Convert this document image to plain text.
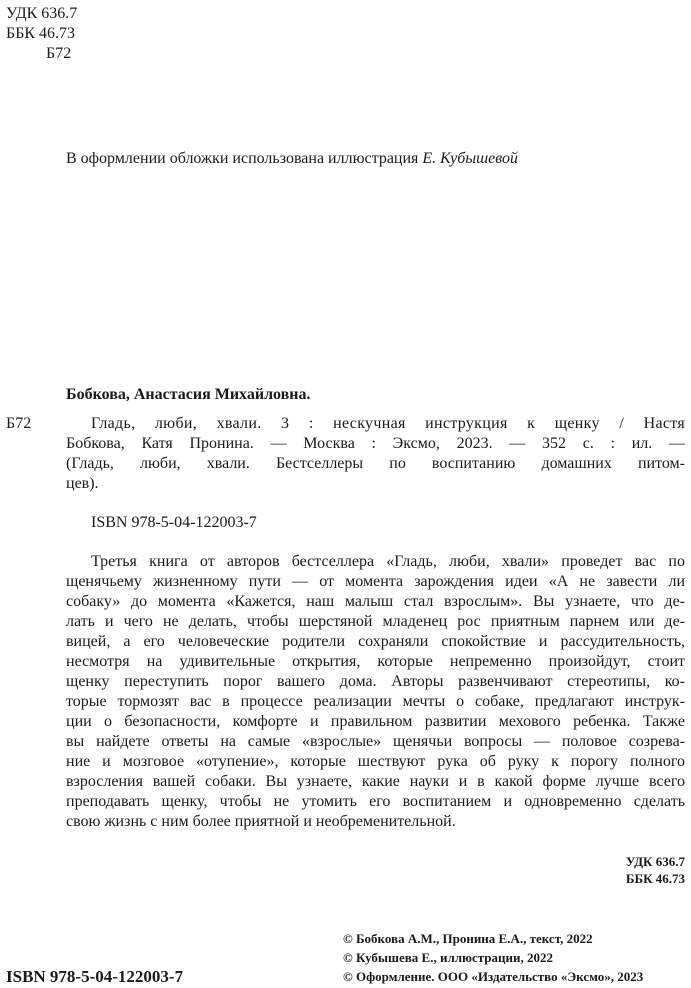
УДК 636.7
ББК 46.73
Б72
В оформлении обложки использована иллюстрация Е. Кубышевой
Бобкова, Анастасия Михайловна.
Б72	Гладь, люби, хвали. 3 : нескучная инструкция к щенку / Настя
Бобкова, Катя Пронина. — Москва : Эксмо, 2023. — 352 с. : ил. —
(Гладь, люби, хвали. Бестселлеры по воспитанию домашних питом-
цев).
ISBN 978-5-04-122003-7
Третья книга от авторов бестселлера «Гладь, люби, хвали» проведет вас по
щенячьему жизненному пути — от момента зарождения идеи «А не завести ли
собаку» до момента «Кажется, наш малыш стал взрослым». Вы узнаете, что де-
лать и чего не делать, чтобы шерстяной младенец рос приятным парнем или де-
вицей, а его человеческие родители сохраняли спокойствие и рассудительность,
несмотря на удивительные открытия, которые непременно произойдут, стоит
щенку переступить порог вашего дома. Авторы развенчивают стереотипы, ко-
торые тормозят вас в процессе реализации мечты о собаке, предлагают инструк-
ции о безопасности, комфорте и правильном развитии мехового ребенка. Также
вы найдете ответы на самые «взрослые» щенячьи вопросы — половое созрева-
ние и мозговое «отупение», которые шествуют рука об руку к порогу полного
взросления вашей собаки. Вы узнаете, какие науки и в какой форме лучше всего
преподавать щенку, чтобы не утомить его воспитанием и одновременно сделать
свою жизнь с ним более приятной и необременительной.
УДК 636.7
ББК 46.73
ISBN 978-5-04-122003-7
© Бобкова А.М., Пронина Е.А., текст, 2022
© Кубышева Е., иллюстрации, 2022
© Оформление. ООО «Издательство «Эксмо», 2023
